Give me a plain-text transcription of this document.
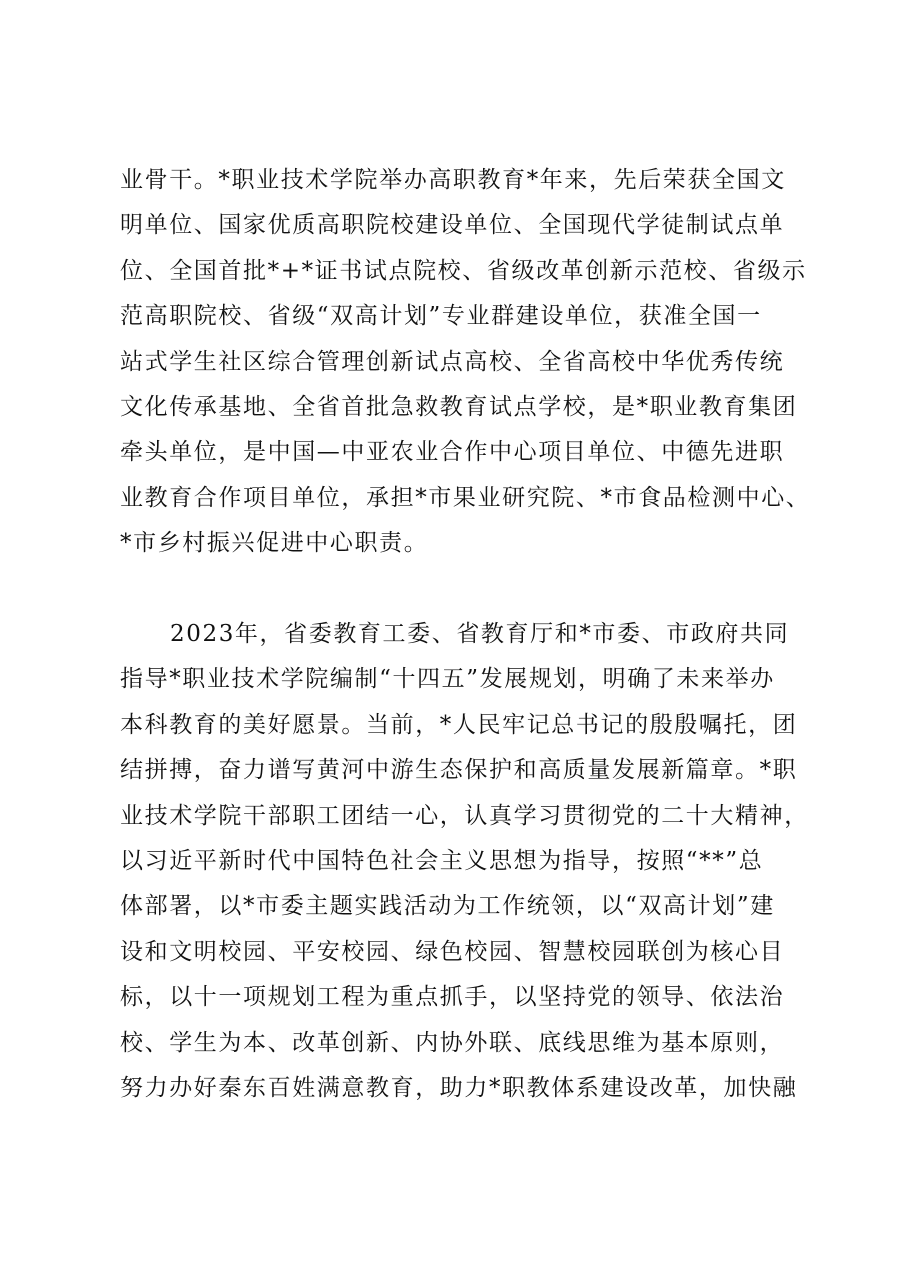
业骨干。*职业技术学院举办高职教育*年来，先后荣获全国文
明单位、国家优质高职院校建设单位、全国现代学徒制试点单
位、全国首批*+*证书试点院校、省级改革创新示范校、省级示
范高职院校、省级“双高计划”专业群建设单位，获准全国一
站式学生社区综合管理创新试点高校、全省高校中华优秀传统
文化传承基地、全省首批急救教育试点学校，是*职业教育集团
牵头单位，是中国—中亚农业合作中心项目单位、中德先进职
业教育合作项目单位，承担*市果业研究院、*市食品检测中心、
*市乡村振兴促进中心职责。
2023年，省委教育工委、省教育厅和*市委、市政府共同
指导*职业技术学院编制“十四五”发展规划，明确了未来举办
本科教育的美好愿景。当前，*人民牢记总书记的殷殷嘱托，团
结拼搏，奋力谱写黄河中游生态保护和高质量发展新篇章。*职
业技术学院干部职工团结一心，认真学习贯彻党的二十大精神，
以习近平新时代中国特色社会主义思想为指导，按照“**”总
体部署，以*市委主题实践活动为工作统领，以“双高计划”建
设和文明校园、平安校园、绿色校园、智慧校园联创为核心目
标，以十一项规划工程为重点抓手，以坚持党的领导、依法治
校、学生为本、改革创新、内协外联、底线思维为基本原则，
努力办好秦东百姓满意教育，助力*职教体系建设改革，加快融
